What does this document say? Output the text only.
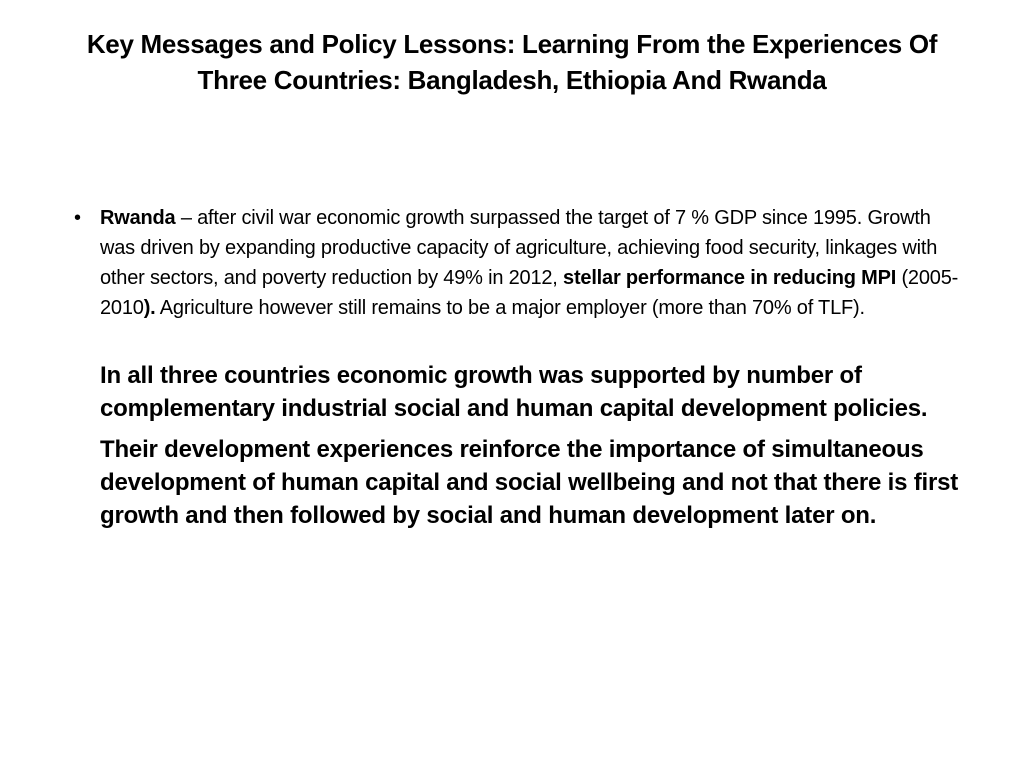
Key Messages and Policy Lessons: Learning From the Experiences Of Three Countries: Bangladesh, Ethiopia And Rwanda
• Rwanda – after civil war economic growth surpassed the target of 7 % GDP since 1995. Growth was driven by expanding productive capacity of agriculture, achieving food security, linkages with other sectors, and poverty reduction by 49% in 2012, stellar performance in reducing MPI (2005-2010). Agriculture however still remains to be a major employer (more than 70% of TLF).

In all three countries economic growth was supported by number of complementary industrial social and human capital development policies.

Their development experiences reinforce the importance of simultaneous development of human capital and social wellbeing and not that there is first growth and then followed by social and human development later on.
